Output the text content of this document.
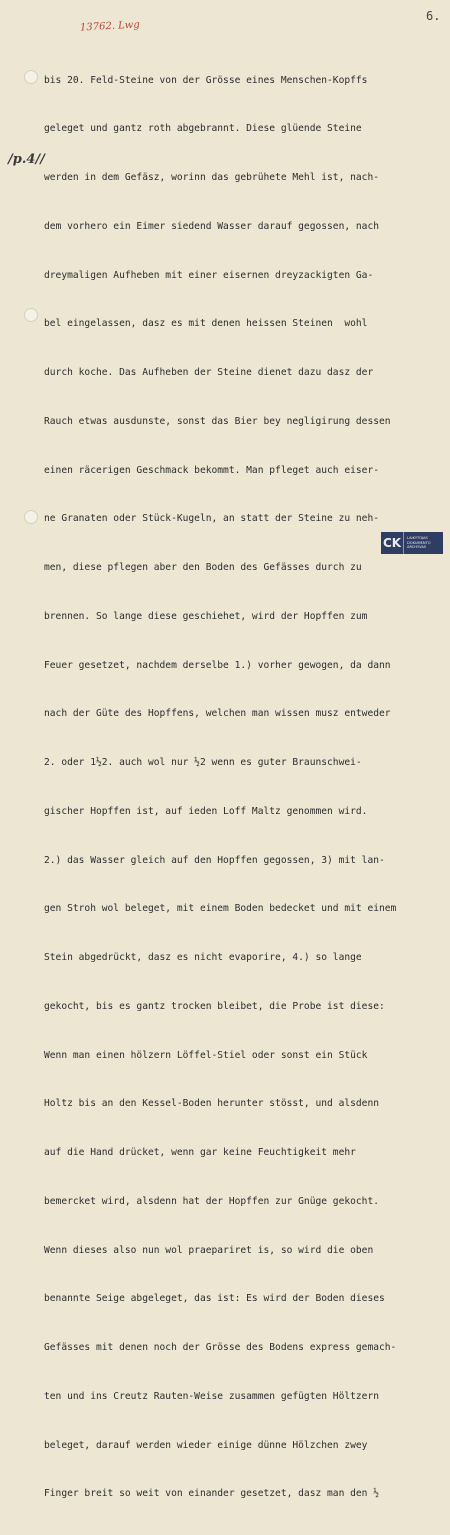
6.
13762. Lwg
/p.4//

bis 20. Feld-Steine von der Grösse eines Menschen-Kopffs

geleget und gantz roth abgebrannt. Diese glüende Steine

werden in dem Gefäsz, worinn das gebrühete Mehl ist, nach-

dem vorhero ein Eimer siedend Wasser darauf gegossen, nach

dreymaligen Aufheben mit einer eisernen dreyzackigten Ga-

bel eingelassen, dasz es mit denen heissen Steinen  wohl

durch koche. Das Aufheben der Steine dienet dazu dasz der

Rauch etwas ausdunste, sonst das Bier bey negligirung dessen

einen räcerigen Geschmack bekommt. Man pfleget auch eiser-

ne Granaten oder Stück-Kugeln, an statt der Steine zu neh-

men, diese pflegen aber den Boden des Gefässes durch zu

brennen. So lange diese geschiehet, wird der Hopffen zum

Feuer gesetzet, nachdem derselbe 1.) vorher gewogen, da dann

nach der Güte des Hopffens, welchen man wissen musz entweder

2. oder 1½2. auch wol nur ½2 wenn es guter Braunschwei-

gischer Hopffen ist, auf ieden Loff Maltz genommen wird.

2.) das Wasser gleich auf den Hopffen gegossen, 3) mit lan-

gen Stroh wol beleget, mit einem Boden bedecket und mit einem

Stein abgedrückt, dasz es nicht evaporire, 4.) so lange

gekocht, bis es gantz trocken bleibet, die Probe ist diese:

Wenn man einen hölzern Löffel-Stiel oder sonst ein Stück

Holtz bis an den Kessel-Boden herunter stösst, und alsdenn

auf die Hand drücket, wenn gar keine Feuchtigkeit mehr

bemercket wird, alsdenn hat der Hopffen zur Gnüge gekocht.

Wenn dieses also nun wol praepariret is, so wird die oben

benannte Seige abgeleget, das ist: Es wird der Boden dieses

Gefässes mit denen noch der Grösse des Bodens express gemach-

ten und ins Creutz Rauten-Weise zusammen gefügten Höltzern

beleget, darauf werden wieder einige dünne Hölzchen zwey

Finger breit so weit von einander gesetzet, dasz man den ½

CK	LAIKYTOJAS
DOKUMENTO
ARCHYVAS
